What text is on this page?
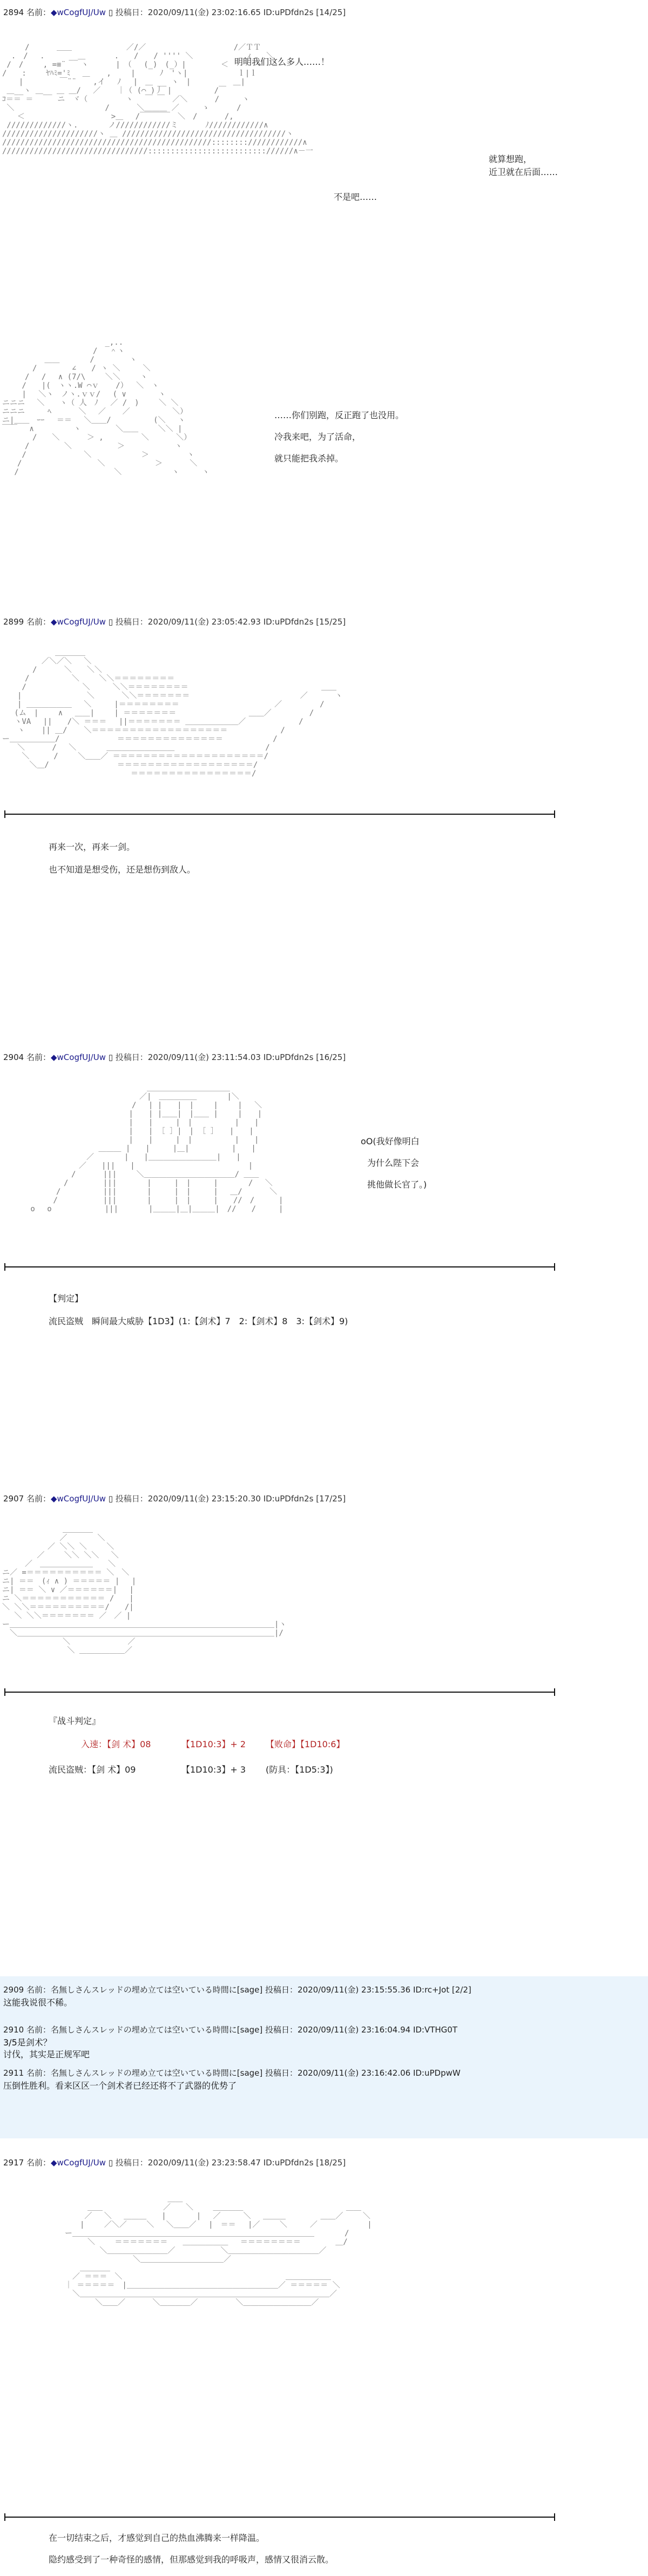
2894 名前：◆wCogfUJ/Uw ▯ 投稿日：2020/09/11(金) 23:02:16.65 ID:uPDfdn2s [14/25]
/　　　 ＿＿　　　　　 　 ／/／　　　　　　　　　　　 /／ＴＴ
.　/　 .　 　 __＿ 　 　 .　　/　　/ '''' ＼　　　　　　 .ｨ　　＼
/　/　　 , =≡¨　　ヽ　　　 |　（ 　(_)　(_）|　　　　 ＜　　ヽ ヽ
/　　:　　 ﾔﾊﾐ='ﾐ　 ＿ 　 ,　　 |　 　 ﾉ　'ヽ|　　　　　　 ｌ|ｌ
　 |　 　 　 ￣¨¨ 　 ,イ 　ﾉ　 |　＿ __ ヽ　|　　　　　 ＿|
＿__ヽ ＿__ ＿ ＿/ 　／ 　 ｜（ (⌒ )丿 |　　　　　 /￣
ｺ＝＝ ＝　 　 ニ　ヾ（　　　　　ヽ 　￣ ￣　／＼　　　 /　　　ヽ
＼　　　　　　　　　　　　/　　　 ＼＿＿＿ ／　　　ゝ　　　 /
　　＜ 　　　　　　 　 　　 >＿　 /￣￣￣￣　＼　/　　　 /,
/////////////ヽ.　　　　ノ////////////ミ 　　　ﾉ////////////∧
/////////////////////ヽ ＿ ////////////////////////////////////ヽ
//////////////////////////////////////////////::::::::////////////∧
////////////////////////////////:::::::::::::::::::::::::://////∧－一
明明我们这么多人……！
就算想跑，
近卫就在后面……
不是吧……
　　　　　　　　　　　　　 _,..
　　　　　　　　　　　　/　 ＾ヽ
　　　　　 ＿＿　　　　/　　　　 ヽ
　　　　/　　　　 ∠　　/ ヽ ＼　　　＼
　　　/　 /　 ∧ (7/\　　 ＼＼　　 ヽ
　　 /　　|(　ヽヽ.W ⌒ｖ 　 /）　 ＼　ヽ
　　 |　 ＼ヽ　ノヽ.ｖｖ/　 ( ∨　 　　 ヽ
ニニニ　 ＼　　ヽ（ 人　ﾉ　 ／ /　)　　 ＼ ＼
ニニニ　　　ﾍ　　　 ＼　 ／ 　 ／　　　　　 ＼）
ニ|＿＿　ｰｰ　 ＝＝ 　＼＿＿/　　　 　　(＼　 ヽ
￣￣　 ∧ 　　　　 ヽ　　　　 ＼＿＿　　 ＼＼ |
　　　　/　　＼　　　 ＞ ,　　　　　＼　　　 ＼）
　　　/　　　　 ＼　　　　　　＞　　　　　　 ヽ
　　 /　　　　　　　 ＼　　　 　　　＞　　　　　ヽ
　　/　　　　　　　　　　＼　　　　　　 ＞　　　 ＼
　 /　　　　　　　　　　　　 ＼ 　　　　　　ヽ　　　ヽ
……你们别跑，反正跑了也没用。
冷我来吧，为了活命，
就只能把我杀掉。
2899 名前：◆wCogfUJ/Uw ▯ 投稿日：2020/09/11(金) 23:05:42.93 ID:uPDfdn2s [15/25]
　　　　　　　＿＿＿＿
　　　 　 ／＼／＼　 ＼
　　　　/　　　 ＼　　＼＼
　　　/　　　　　 ＼　　 ＼＼＝＝＝＝＝＝＝＝
　　 /　 　 　 　　 ＼　　　＼＼＝＝＝＝＝＝＝＝　　　　　　　　　　　　　　　　　 ＿＿
　　|　　　　　　　　 ＼　　　 ＼＼＝＝＝＝＝＝＝　　　　　　　　　　　　　　 ／　　　 ヽ
　　| ＿＿＿＿＿＿　 ＼　　　|＝＝＝＝＝＝＝＝　　　　　　　　　　　　 ／　　　　　/
　 (ム　|　　 ∧　 ＿＿|　　 | ＝＝＝＝＝＝＝　　　　　　　　　 ＿＿／　　　　　/
　 ヽVA　 ||　　/＼ ＝＝＝　 ||＝＝＝＝＝＝＝ ＿＿＿＿＿＿＿／　　　　　　　/
　　ヽ 　 || ＿/ 　 ＼＝＝＝＝＝＝＝＝＝＝＝＝＝＝＝＝＝＝　　　　　　　/
ー＿＿＿＿＿＿/　　　　　　　 ＝＝＝＝＝＝＝＝＝＝＝＝＝＝　　　　　　 /
　　＼　　　 /　 ＼　　　　＿＿＿＿＿＿＿＿＿　　　　　　　　　　　　/
　　 ＼　 　 /　　 ＼＿＿／ ＝＝＝＝＝＝＝＝＝＝＝＝＝＝＝＝＝＝＝＝/
　　　 ＼＿/　　　　　　　　　＝＝＝＝＝＝＝＝＝＝＝＝＝＝＝＝＝＝/
　　　　　　　　　　　　　　　　　＝＝＝＝＝＝＝＝＝＝＝＝＝＝＝＝/
再来一次，再来一剑。
也不知道是想受伤，还是想伤到敌人。
2904 名前：◆wCogfUJ/Uw ▯ 投稿日：2020/09/11(金) 23:11:54.03 ID:uPDfdn2s [16/25]
　　　　　　　　　　　　　　　　　　＿＿＿＿＿＿＿＿＿＿＿
　　　　　　　　　　　　　　　　　／|　＿＿＿＿＿　　　　|＼
　　　　　　　　　　　　　　　　/　 | |　　|　|　　 |　　 |　 ＼
　　　　　　　　　　　　　　　 |　　| |＿＿|　|＿＿ |　　 |　　|
　　　　　　　　　　　　　　　 |　　|　　　|　|　　　　　 |　　|
　　　　　　　　　　　　　　　 |　　| ［ ］|　| ［ ］　　|　　|
　　　　　　　　　　　　　　　 |　　|　　　|　|　　　　　 |　　|
　　　　　　　　　　　 ＿＿＿ |　　|　　　|＿|　　　　　 |　　|
　　　　　　　　　　／　　　　|　　|＿＿＿＿＿＿＿＿＿|　　|
　　　　　　　　　／　　|||　　|　　　　　　　　　　　　　　　|
　　　　　　　　/　　　 |||　　 ＼＿＿＿＿＿＿＿＿＿＿＿＿/ ＿＿
　　　　　　　/　　　　 |||　　　　|　　　|　|　　　|　　　　/　 ＼
　　　　　　/　　　　　 |||　　　　|　　　|　|　　　|　 ＿/　　　 ＼
　　　　　 /　　　　　　|||　　　　|　　　|　|　　　|　　//　/ 　　 |
　　 o 　o　　　　　　　|||　　　　|＿＿＿|＿|＿＿＿|　//　　/　　　|
oO(我好像明白
为什么陛下会
挑他做长官了。)
【判定】
流民盗贼　瞬间最大威胁【1D3】(1:【剑术】7　2:【剑术】8　3:【剑术】9)
2907 名前：◆wCogfUJ/Uw ▯ 投稿日：2020/09/11(金) 23:15:20.30 ID:uPDfdn2s [17/25]
　　　　　　　　＿＿＿＿
　　　　　　　 ／　　　　＼
　　　　　　／ ＼＼ ＼　　 ＼
　　　　 ／　　 ＼＼ ＼＼　 ＼
　　　／　＿＿＿＿＿＿＿　　＼
ニ／ =＝＝＝＝＝＝＝＝＝＝ ＼　＼
ニ| ＝＝　(ｨ ∧ ) ＝＝＝＝＝ |　 |
ニ| ＝＝ ＼ ∨ ／＝＝＝＝＝＝|　 |
ニ ＼＝＝＝＝＝＝＝＝＝＝＝ /　　|
＼ ＼＼＝＝＝＝＝＝＝＝＝＝/　　/|
　 ＼ ＼＼＝＝＝＝＝＝＝ ／　／ |
ー＿＿＿＿＿＿＿＿＿＿＿＿＿＿＿＿＿＿＿＿＿＿＿＿＿＿＿＿＿＿＿＿＿＿＿|ヽ
　＼＿＿＿＿＿＿＿＿＿＿＿＿＿＿＿＿＿＿＿＿＿＿＿＿＿＿＿＿＿＿＿＿＿＿|/
　　　　　　　　＼ 　　　　　　　／
　　　　　　　　 ＼ ＿＿＿＿＿＿／
『战斗判定』
入速：【剑 术】08	【1D10:3】+ 2 【败命】【1D10:6】
流民盗贼：【剑 术】09	【1D10:3】+ 3 (防具：【1D5:3】)
2909 名前：名無しさんスレッドの埋め立ては空いている時間に[sage] 投稿日：2020/09/11(金) 23:15:55.36 ID:rc+Jot [2/2]
这能我说很不稀。
2910 名前：名無しさんスレッドの埋め立ては空いている時間に[sage] 投稿日：2020/09/11(金) 23:16:04.94 ID:VTHG0T
3/5是剑术？
讨伐，其实是正规军吧
2911 名前：名無しさんスレッドの埋め立ては空いている時間に[sage] 投稿日：2020/09/11(金) 23:16:42.06 ID:uPDpwW
压倒性胜利。看来区区一个剑术者已经还将不了武器的优势了
2917 名前：◆wCogfUJ/Uw ▯ 投稿日：2020/09/11(金) 23:23:58.47 ID:uPDfdn2s [18/25]
　　　　　　　　　　　　　 ＿＿
　　　＿＿　　　　　　　　／　　＼　　 ＿＿＿＿　　　　　　　　　　　　　 ＿＿
　　 ／　 ＼　 ＿＿＿　　|　　　　|　 ／　　　＼　 ＿＿＿　　　　 ＿＿／　　 ＼
　　|　　 ／＼／　　 ＼　 ＼＿＿／　 |　＝＝　 |／　　 ＼　　　／　　　　　　 |
ー＿＿＿＿＿＿＿＿＿＿＿＿＿＿＿＿＿＿＿＿＿＿＿＿＿＿＿＿＿＿＿＿　　　　/
　　　＼　　 ＝＝＝＝＝＝＝　　＿＿＿＿＿＿　 ＝＝＝＝＝＝＝＝　　　　 ＿/
　　　　 ＼＿＿＿＿＿＿＿＿／　　　　　　＼＿＿＿＿＿＿＿＿＿＿＿＿／
　　　　　　　　　＼＿＿＿＿＿＿＿＿＿＿＿／
　　＿＿＿＿
　／ ＝＝＝　＼　　　　　　　　　　　　　　　　　　　　　 ＿＿＿＿＿＿
｜ ＝＝＝＝＝　|＿＿＿＿＿＿＿＿＿＿＿＿＿＿＿＿＿＿＿＿／ ＝＝＝＝＝ ＼
　＼＿＿＿＿＿＿＿＿＿＿＿＿＿＿＿＿＿＿＿＿＿＿＿＿＿＿＿＿＿＿＿＿＿／
　　　　＼＿＿／ 　　　＼＿＿＿＿／　　　　　＼＿＿＿＿＿＿＿＿＿／
在一切结束之后，才感觉到自己的热血沸腾来一样降温。
隐约感受到了一种奇怪的感情，但那感觉到我的呼吸声，感情又很消云散。
